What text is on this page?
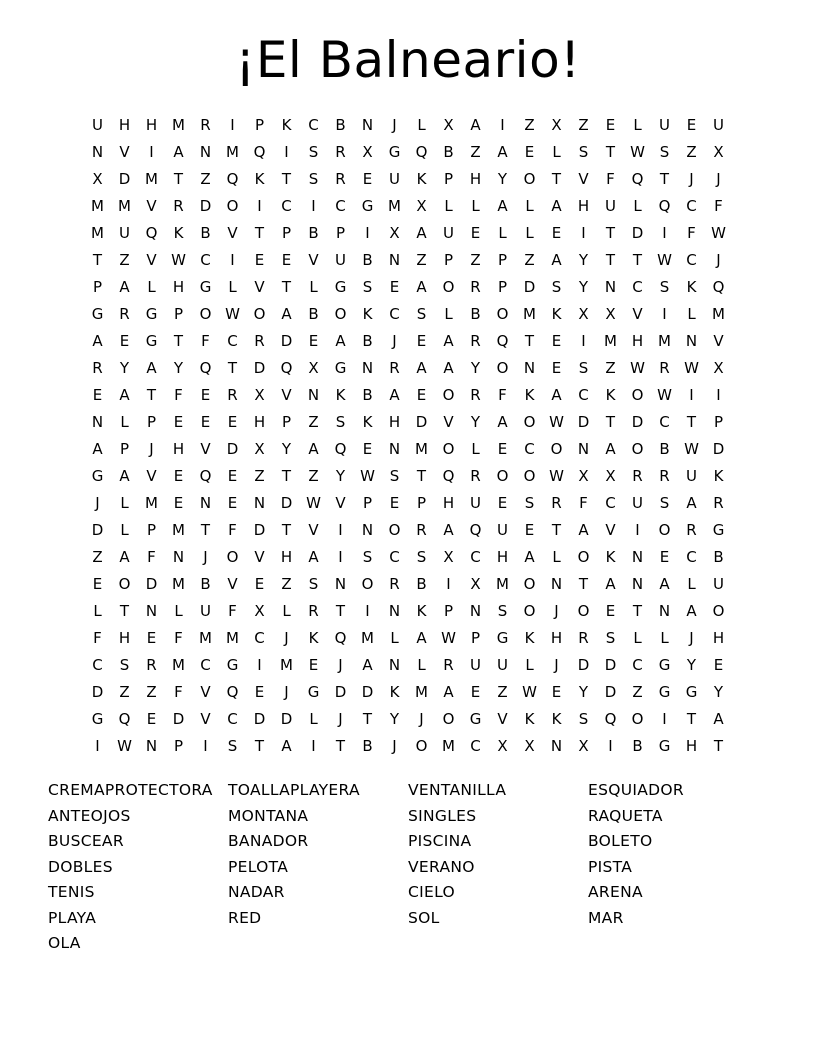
¡El Balneario!
U	H	H M	R	I	P	K	C	B	N	J	L	X	A	I	Z	X	Z	E	L	U	E	U
N	V	I	A	N M Q	I	S	R	X	G	Q	B	Z	A	E	L	S	T	W S	Z	X
X	D M	T	Z	Q	K	T	S	R	E	U	K	P	H	Y	O	T	V	F	Q	T	J	J
M M	V	R	D	O	I	C	I	C	G M	X	L	L	A	L	A	H	U	L	Q	C	F
M	U	Q	K	B	V	T	P	B	P	I	X	A	U	E	L	L	E	I	T	D	I	F	W
T	Z	V W C	I	E	E	V	U	B	N	Z	P	Z	P	Z	A	Y	T	T	W C	J
P	A	L	H	G	L	V	T	L	G	S	E	A	O	R	P	D	S	Y	N	C	S	K	Q
G	R	G	P	O W O	A	B	O	K	C	S	L	B	O M	K	X	X	V	I	L	M
A	E	G	T	F	C	R	D	E	A	B	J	E	A	R	Q	T	E	I	M H M N	V
R	Y	A	Y	Q	T	D	Q	X	G	N	R	A	A	Y	O	N	E	S	Z W R W X
E	A	T	F	E	R	X	V	N	K	B	A	E	O	R	F	K	A	C	K	O W	I	I
N	L	P	E	E	E	H	P	Z	S	K	H	D	V	Y	A	O W D	T	D	C	T	P
A	P	J	H	V	D	X	Y	A	Q	E	N M O	L	E	C	O	N	A	O	B W D
G	A	V	E	Q	E	Z	T	Z	Y	W S	T	Q	R	O	O W X	X	R	R	U	K
J	L	M	E	N	E	N	D W V	P	E	P	H	U	E	S	R	F	C	U	S	A	R
D	L	P	M	T	F	D	T	V	I	N	O	R	A	Q	U	E	T	A	V	I	O	R	G
Z	A	F	N	J	O	V	H	A	I	S	C	S	X	C	H	A	L	O	K	N	E	C	B
E	O	D M	B	V	E	Z	S	N	O	R	B	I	X	M O	N	T	A	N	A	L	U
L	T	N	L	U	F	X	L	R	T	I	N	K	P	N	S	O	J	O	E	T	N	A	O
F	H	E	F	M M	C	J	K	Q M	L	A W	P	G	K	H	R	S	L	L	J	H
C	S	R	M	C	G	I	M	E	J	A	N	L	R	U	U	L	J	D	D	C	G	Y	E
D	Z	Z	F	V	Q	E	J	G	D	D	K	M	A	E	Z W E	Y	D	Z	G	G	Y
G	Q	E	D	V	C	D	D	L	J	T	Y	J	O	G	V	K	K	S	Q	O	I	T	A
I	W N	P	I	S	T	A	I	T	B	J	O M	C	X	X	N	X	I	B	G	H	T
CREMAPROTECTORA TOALLAPLAYERA	VENTANILLA	ESQUIADOR
ANTEOJOS	MONTANA	SINGLES	RAQUETA
BUSCEAR	BANADOR	PISCINA	BOLETO
DOBLES	PELOTA	VERANO	PISTA
TENIS	NADAR	CIELO	ARENA
PLAYA	RED	SOL	MAR
OLA
